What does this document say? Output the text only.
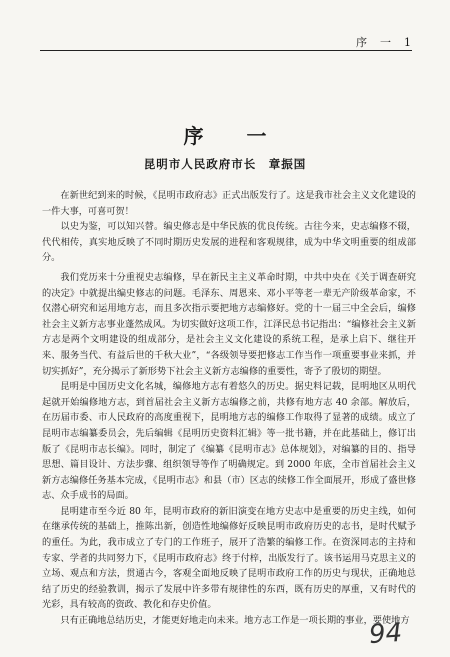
序　一　1
序 一
昆明市人民政府市长　章振国

在新世纪到来的时候，《昆明市政府志》正式出版发行了。这是我市社会主义文化建设的一件大事，可喜可贺！

以史为鉴，可以知兴替。编史修志是中华民族的优良传统。古往今来，史志编修不辍，代代相传，真实地反映了不同时期历史发展的进程和客观规律，成为中华文明重要的组成部分。

我们党历来十分重视史志编修，早在新民主主义革命时期，中共中央在《关于调查研究的决定》中就提出编史修志的问题。毛泽东、周恩来、邓小平等老一辈无产阶级革命家，不仅潜心研究和运用地方志，而且多次指示要把地方志编修好。党的十一届三中全会后，编修社会主义新方志事业蓬然成风。为切实做好这项工作，江泽民总书记指出：“编修社会主义新方志是两个文明建设的组成部分，是社会主义文化建设的系统工程，是承上启下、继往开来、服务当代、有益后世的千秋大业”，“各级领导要把修志工作当作一项重要事业来抓，并切实抓好”，充分揭示了新形势下社会主义新方志编修的重要性，寄予了殷切的期望。

昆明是中国历史文化名城，编修地方志有着悠久的历史。据史料记载，昆明地区从明代起就开始编修地方志，到首届社会主义新方志编修之前，共修有地方志 40 余部。解放后，在历届市委、市人民政府的高度重视下，昆明地方志的编修工作取得了显著的成绩。成立了昆明市志编纂委员会，先后编辑《昆明历史资料汇辑》等一批书籍，并在此基础上，修订出版了《昆明市志长编》。同时，制定了《编纂《昆明市志》总体规划》，对编纂的目的、指导思想、篇目设计、方法步骤、组织领导等作了明确规定。到 2000 年底，全市首届社会主义新方志编修任务基本完成，《昆明市志》和县（市）区志的续修工作全面展开，形成了盛世修志、众手成书的局面。

昆明建市至今近 80 年，昆明市政府的新旧演变在地方史志中是重要的历史主线，如何在继承传统的基础上，推陈出新，创造性地编修好反映昆明市政府历史的志书，是时代赋予的重任。为此，我市成立了专门的工作班子，展开了浩繁的编修工作。在资深同志的主持和专家、学者的共同努力下，《昆明市政府志》终于付梓，出版发行了。该书运用马克思主义的立场、观点和方法，贯通古今，客观全面地反映了昆明市政府工作的历史与现状，正确地总结了历史的经验教训，揭示了发展中许多带有规律性的东西，既有历史的厚重，又有时代的光彩，具有较高的资政、教化和存史价值。

只有正确地总结历史，才能更好地走向未来。地方志工作是一项长期的事业，要使地方

94
